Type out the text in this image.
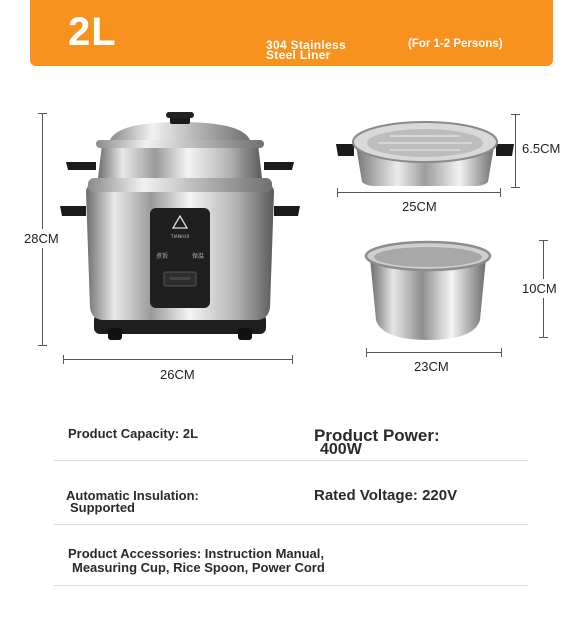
2L	304 Stainless Steel Liner
(For 1-2 Persons)
28CM
26CM
TIANHUI
煮饭	保温
6.5CM
25CM
10CM
23CM
Product Capacity: 2L	Product Power:
400W
Automatic Insulation:
Supported
Rated Voltage: 220V
Product Accessories: Instruction Manual,
Measuring Cup, Rice Spoon, Power Cord
